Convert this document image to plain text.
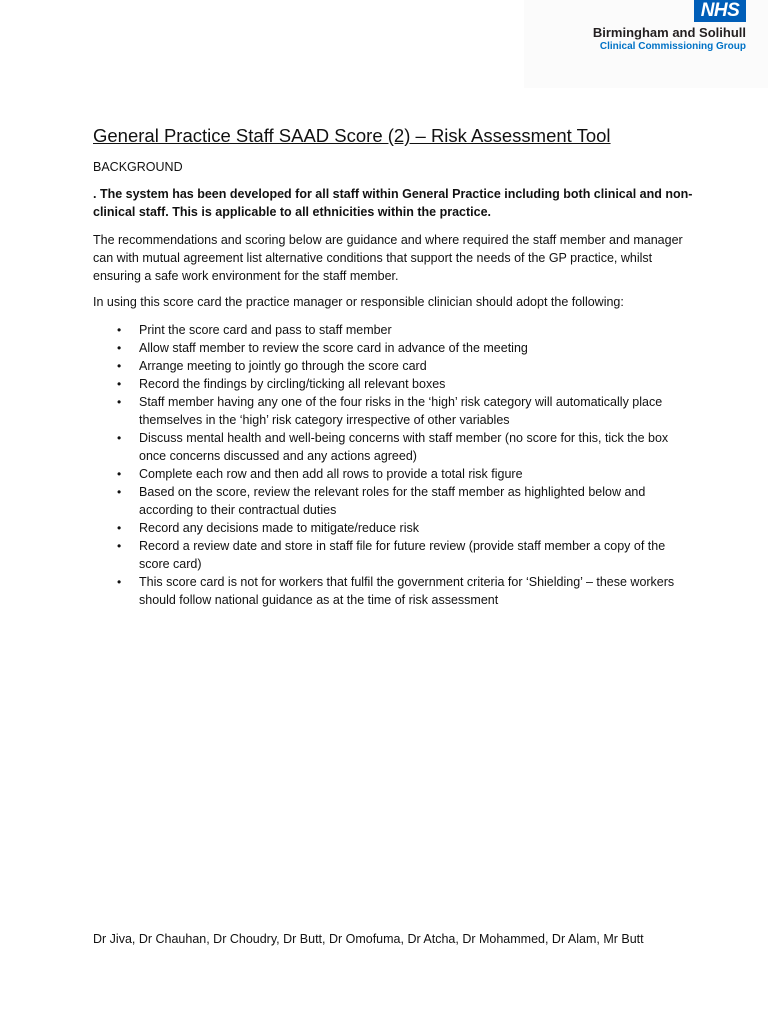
NHS
Birmingham and Solihull
Clinical Commissioning Group
General Practice Staff SAAD Score (2) – Risk Assessment Tool
BACKGROUND

. The system has been developed for all staff within General Practice including both clinical and non-clinical staff. This is applicable to all ethnicities within the practice.

The recommendations and scoring below are guidance and where required the staff member and manager can with mutual agreement list alternative conditions that support the needs of the GP practice, whilst ensuring a safe work environment for the staff member.

In using this score card the practice manager or responsible clinician should adopt the following:

• Print the score card and pass to staff member
• Allow staff member to review the score card in advance of the meeting
• Arrange meeting to jointly go through the score card
• Record the findings by circling/ticking all relevant boxes
• Staff member having any one of the four risks in the ‘high’ risk category will automatically place themselves in the ‘high’ risk category irrespective of other variables
• Discuss mental health and well-being concerns with staff member (no score for this, tick the box once concerns discussed and any actions agreed)
• Complete each row and then add all rows to provide a total risk figure
• Based on the score, review the relevant roles for the staff member as highlighted below and according to their contractual duties
• Record any decisions made to mitigate/reduce risk
• Record a review date and store in staff file for future review (provide staff member a copy of the score card)
• This score card is not for workers that fulfil the government criteria for ‘Shielding’ – these workers should follow national guidance as at the time of risk assessment
Dr Jiva, Dr Chauhan, Dr Choudry, Dr Butt, Dr Omofuma, Dr Atcha, Dr Mohammed, Dr Alam, Mr Butt
